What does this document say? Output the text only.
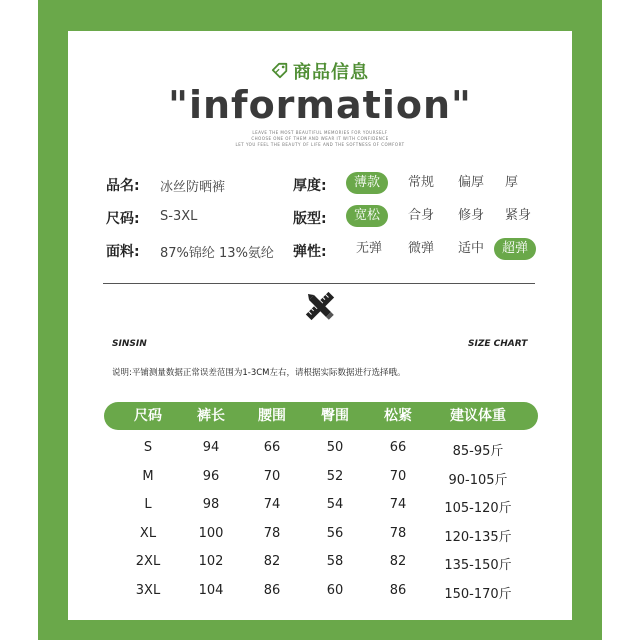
商品信息
"information"
LEAVE THE MOST BEAUTIFUL MEMORIES FOR YOURSELF
CHOOSE ONE OF THEM AND WEAR IT WITH CONFIDENCE
LET YOU FEEL THE BEAUTY OF LIFE AND THE SOFTNESS OF COMFORT
品名: 冰丝防晒裤
尺码: S-3XL
面料: 87%锦纶 13%氨纶
厚度:	薄款	常规 偏厚 厚
版型:	宽松	合身 修身 紧身
弹性: 无弹 微弹 适中	超弹
SINSIN	SIZE CHART
说明:平铺测量数据正常误差范围为1-3CM左右，请根据实际数据进行选择哦。
尺码	裤长 腰围	臀围	松紧	建议体重
S	94	66	50	66	85-95斤
M	96	70	52	70	90-105斤
L	98	74	54	74	105-120斤
XL	100	78	56	78	120-135斤
2XL	102	82	58	82	135-150斤
3XL	104	86	60	86	150-170斤
